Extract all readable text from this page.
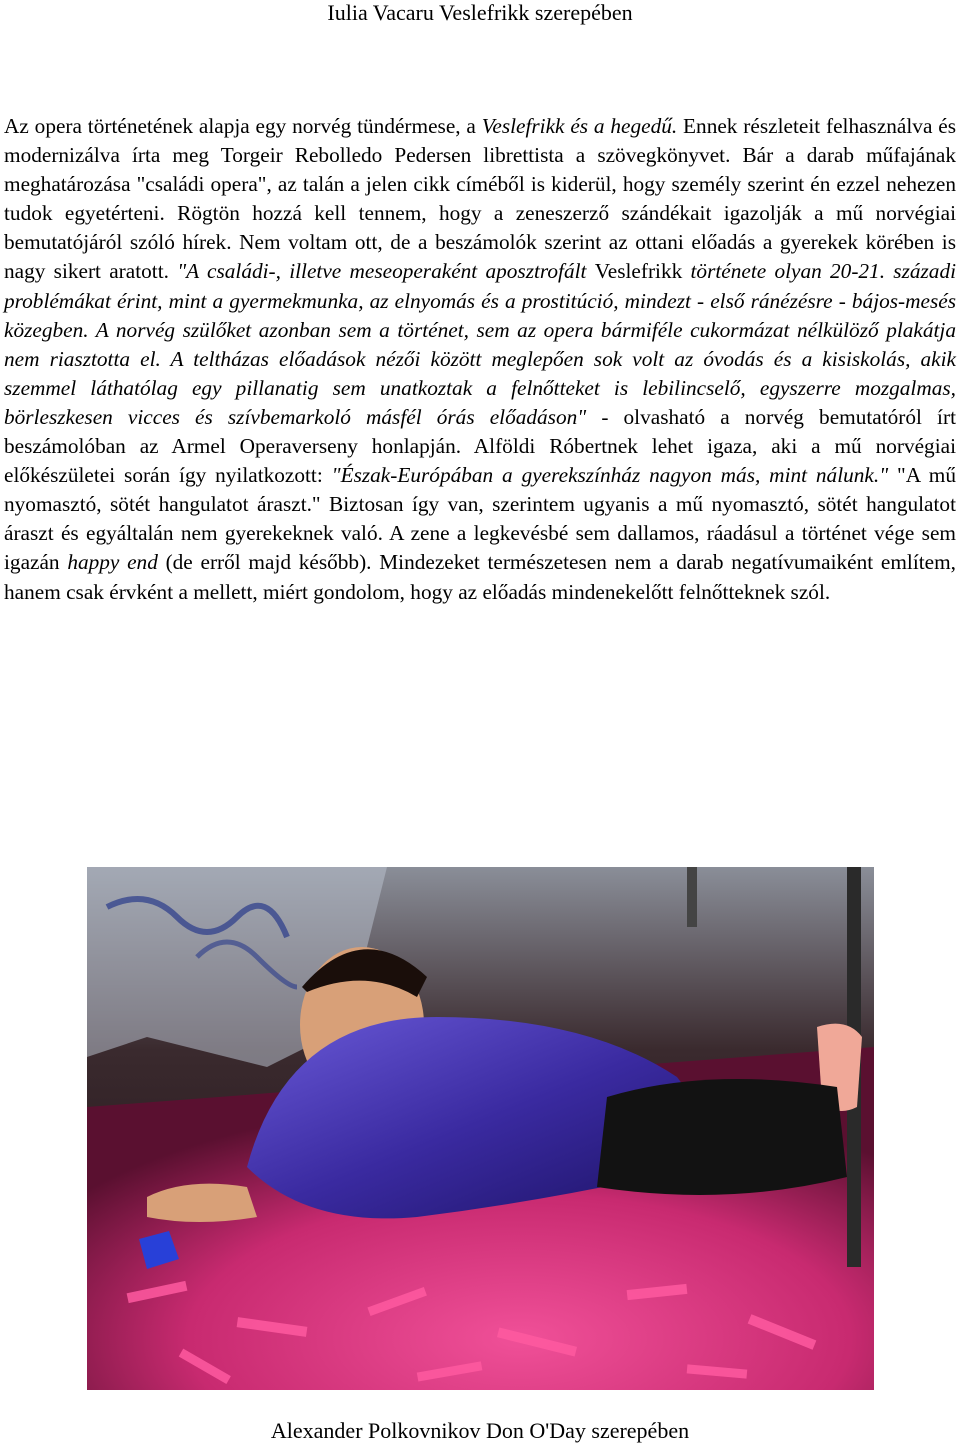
Iulia Vacaru Veslefrikk szerepében

Az opera történetének alapja egy norvég tündérmese, a Veslefrikk és a hegedű. Ennek részleteit felhasználva és modernizálva írta meg Torgeir Rebolledo Pedersen librettista a szövegkönyvet. Bár a darab műfajának meghatározása "családi opera", az talán a jelen cikk címéből is kiderül, hogy személy szerint én ezzel nehezen tudok egyetérteni. Rögtön hozzá kell tennem, hogy a zeneszerző szándékait igazolják a mű norvégiai bemutatójáról szóló hírek. Nem voltam ott, de a beszámolók szerint az ottani előadás a gyerekek körében is nagy sikert aratott. "A családi-, illetve meseoperaként aposztrofált Veslefrikk története olyan 20-21. századi problémákat érint, mint a gyermekmunka, az elnyomás és a prostitúció, mindezt - első ránézésre - bájos-mesés közegben. A norvég szülőket azonban sem a történet, sem az opera bármiféle cukormázat nélkülöző plakátja nem riasztotta el. A teltházas előadások nézői között meglepően sok volt az óvodás és a kisiskolás, akik szemmel láthatólag egy pillanatig sem unatkoztak a felnőtteket is lebilincselő, egyszerre mozgalmas, börleszkesen vicces és szívbemarkoló másfél órás előadáson" - olvasható a norvég bemutatóról írt beszámolóban az Armel Operaverseny honlapján. Alföldi Róbertnek lehet igaza, aki a mű norvégiai előkészületei során így nyilatkozott: "Észak-Európában a gyerekszínház nagyon más, mint nálunk." "A mű nyomasztó, sötét hangulatot áraszt." Biztosan így van, szerintem ugyanis a mű nyomasztó, sötét hangulatot áraszt és egyáltalán nem gyerekeknek való. A zene a legkevésbé sem dallamos, ráadásul a történet vége sem igazán happy end (de erről majd később). Mindezeket természetesen nem a darab negatívumaiként említem, hanem csak érvként a mellett, miért gondolom, hogy az előadás mindenekelőtt felnőtteknek szól.

Alexander Polkovnikov Don O'Day szerepében
